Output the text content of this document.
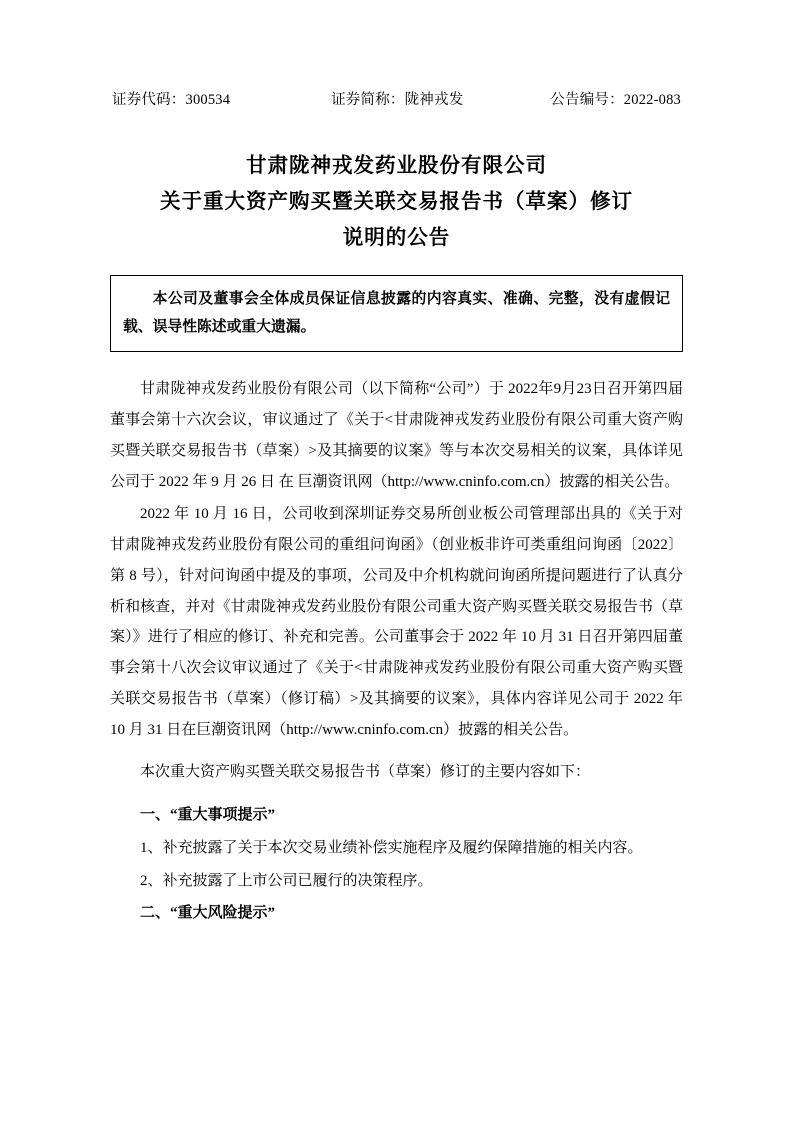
证券代码：300534	证券简称：陇神戎发	公告编号：2022-083
甘肃陇神戎发药业股份有限公司
关于重大资产购买暨关联交易报告书（草案）修订
说明的公告

本公司及董事会全体成员保证信息披露的内容真实、准确、完整，没有虚假记载、误导性陈述或重大遗漏。

甘肃陇神戎发药业股份有限公司（以下简称“公司”）于 2022年9月23日召开第四届董事会第十六次会议，审议通过了《关于<甘肃陇神戎发药业股份有限公司重大资产购买暨关联交易报告书（草案）>及其摘要的议案》等与本次交易相关的议案，具体详见公司于 2022 年 9 月 26 日 在 巨潮资讯网（http://www.cninfo.com.cn）披露的相关公告。

2022 年 10 月 16 日，公司收到深圳证券交易所创业板公司管理部出具的《关于对甘肃陇神戎发药业股份有限公司的重组问询函》（创业板非许可类重组问询函〔2022〕第 8 号），针对问询函中提及的事项，公司及中介机构就问询函所提问题进行了认真分析和核查，并对《甘肃陇神戎发药业股份有限公司重大资产购买暨关联交易报告书（草案）》进行了相应的修订、补充和完善。公司董事会于 2022 年 10 月 31 日召开第四届董事会第十八次会议审议通过了《关于<甘肃陇神戎发药业股份有限公司重大资产购买暨关联交易报告书（草案）（修订稿）>及其摘要的议案》，具体内容详见公司于 2022 年 10 月 31 日在巨潮资讯网（http://www.cninfo.com.cn）披露的相关公告。

本次重大资产购买暨关联交易报告书（草案）修订的主要内容如下：

一、“重大事项提示”

1、补充披露了关于本次交易业绩补偿实施程序及履约保障措施的相关内容。

2、补充披露了上市公司已履行的决策程序。

二、“重大风险提示”
